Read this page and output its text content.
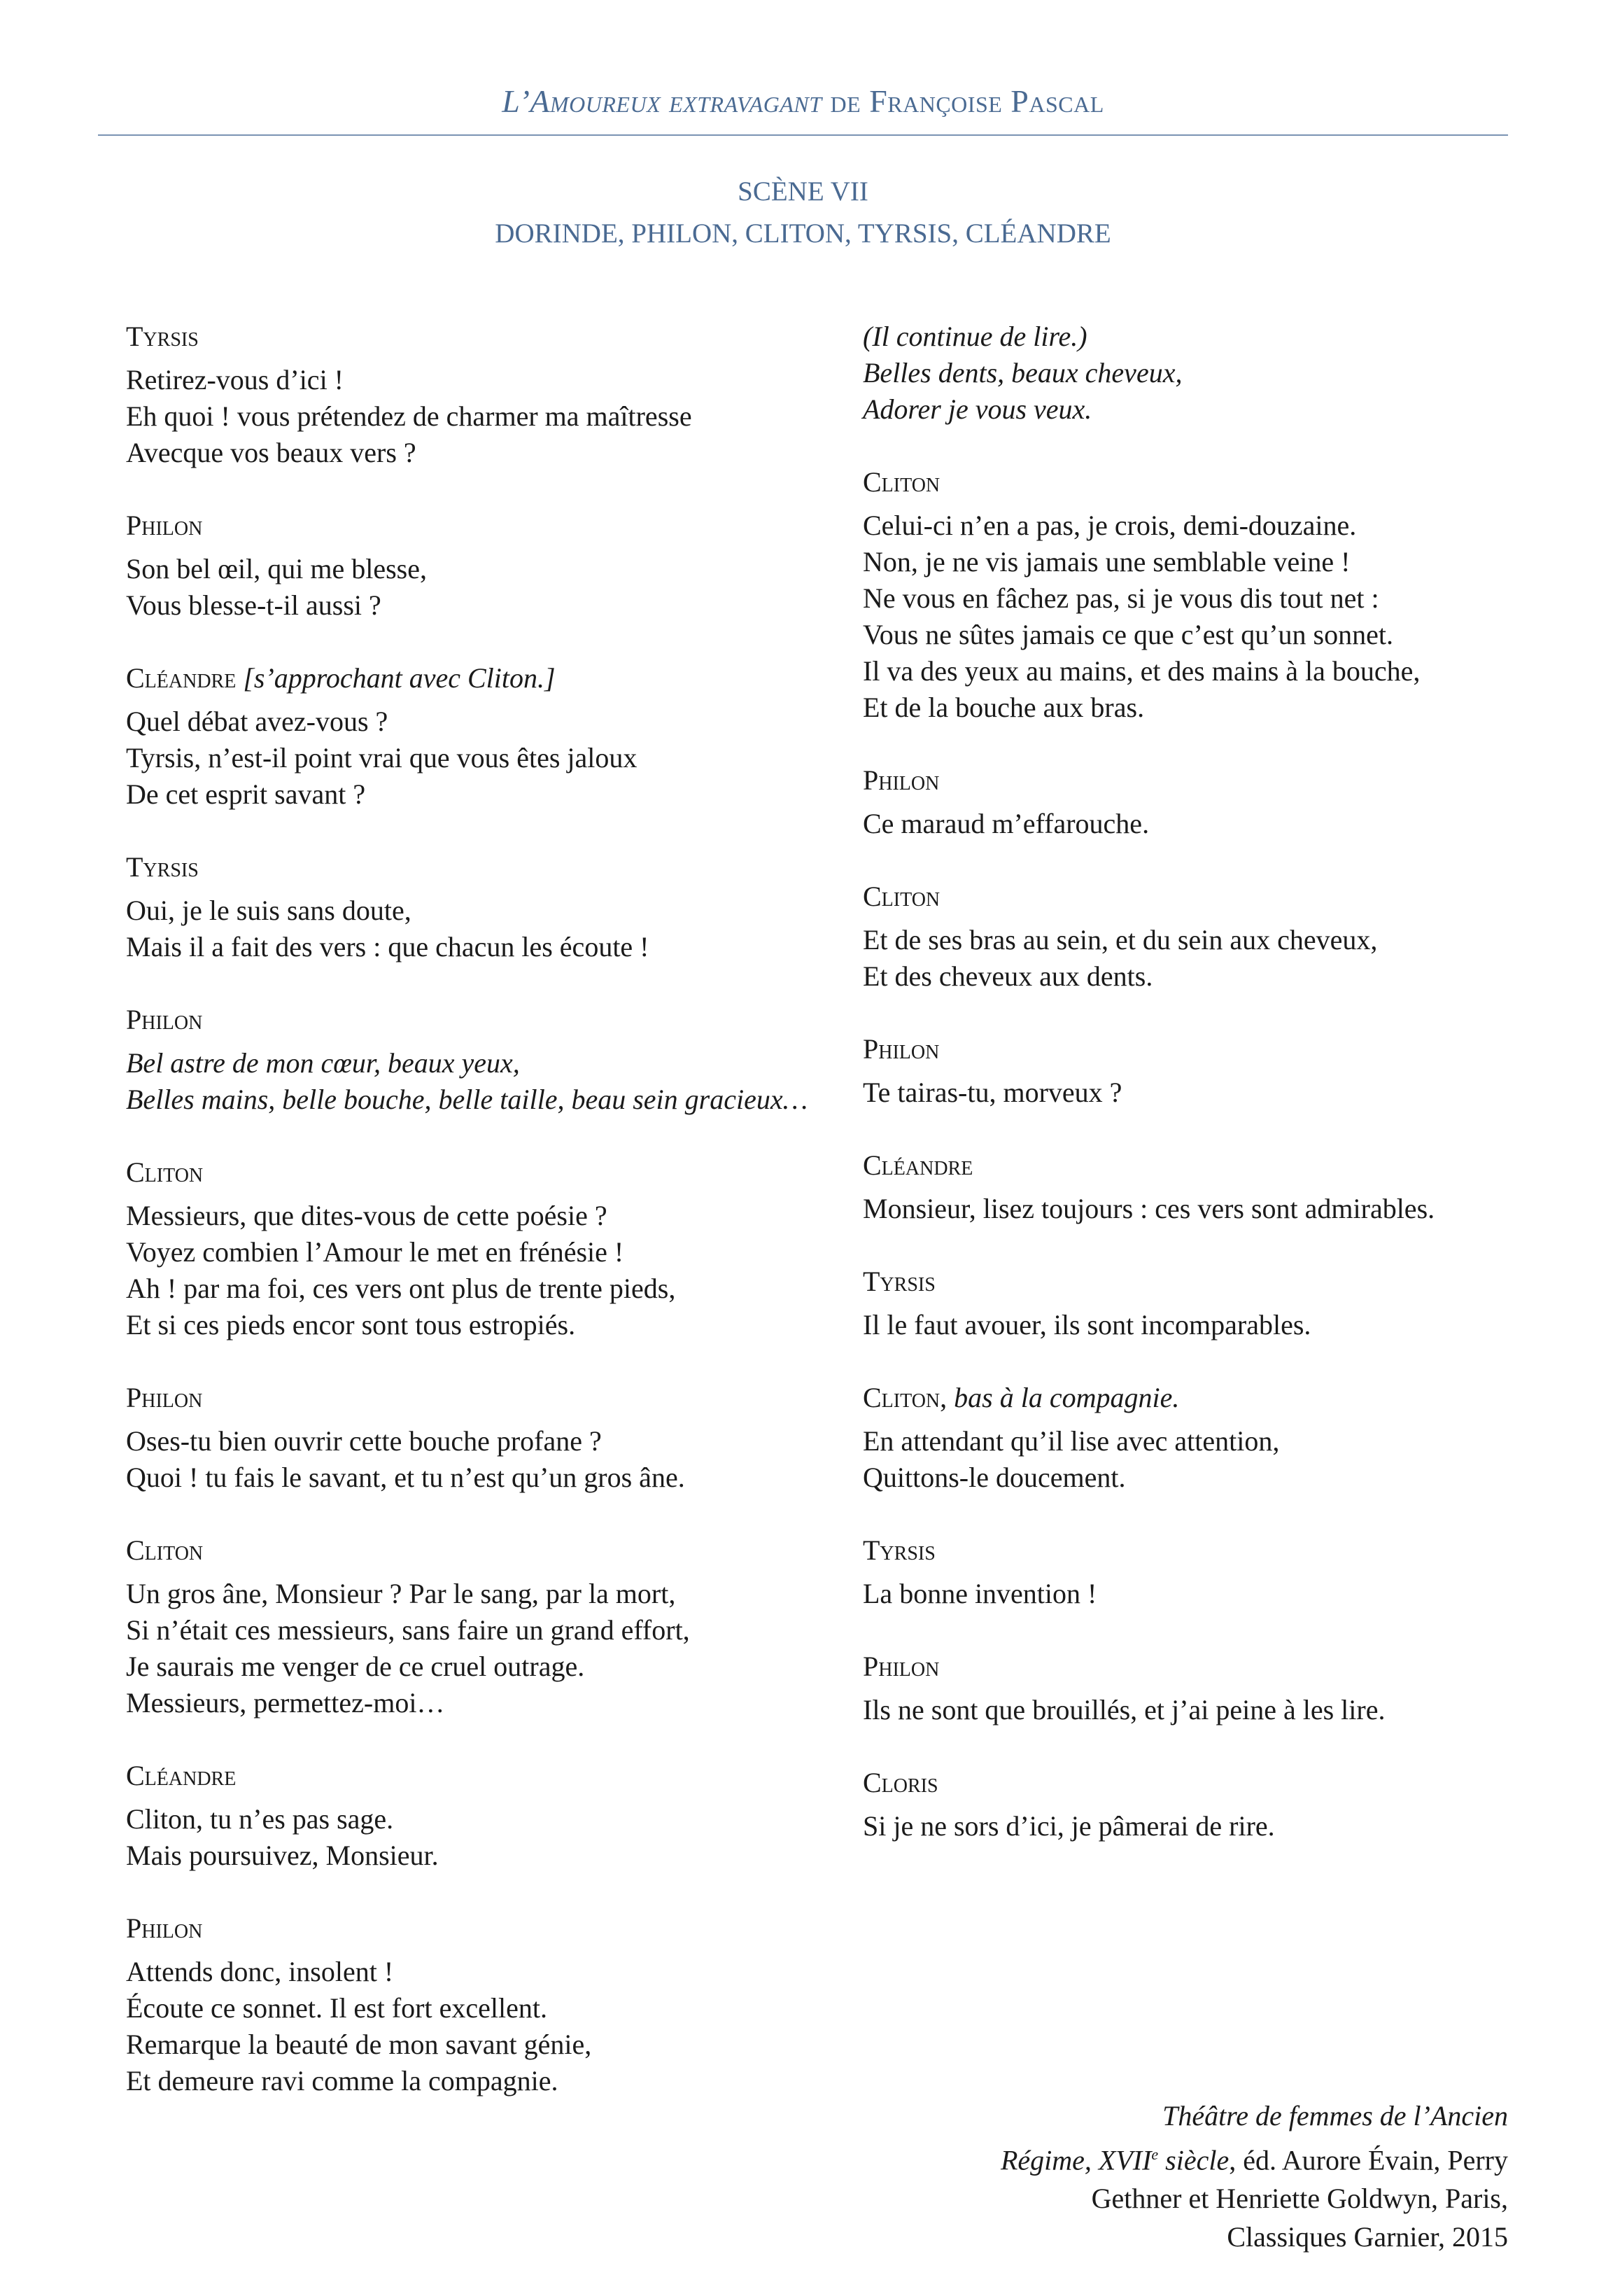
L’Amoureux extravagant de Françoise Pascal
SCÈNE VII
DORINDE, PHILON, CLITON, TYRSIS, CLÉANDRE
Tyrsis
Retirez-vous d’ici !
Eh quoi ! vous prétendez de charmer ma maîtresse
Avecque vos beaux vers ?
Philon
Son bel œil, qui me blesse,
Vous blesse-t-il aussi ?
Cléandre [s’approchant avec Cliton.]
Quel débat avez-vous ?
Tyrsis, n’est-il point vrai que vous êtes jaloux
De cet esprit savant ?
Tyrsis
Oui, je le suis sans doute,
Mais il a fait des vers : que chacun les écoute !
Philon
Bel astre de mon cœur, beaux yeux,
Belles mains, belle bouche, belle taille, beau sein gracieux…
Cliton
Messieurs, que dites-vous de cette poésie ?
Voyez combien l’Amour le met en frénésie !
Ah ! par ma foi, ces vers ont plus de trente pieds,
Et si ces pieds encor sont tous estropiés.
Philon
Oses-tu bien ouvrir cette bouche profane ?
Quoi ! tu fais le savant, et tu n’est qu’un gros âne.
Cliton
Un gros âne, Monsieur ? Par le sang, par la mort,
Si n’était ces messieurs, sans faire un grand effort,
Je saurais me venger de ce cruel outrage.
Messieurs, permettez-moi…
Cléandre
Cliton, tu n’es pas sage.
Mais poursuivez, Monsieur.
Philon
Attends donc, insolent !
Écoute ce sonnet. Il est fort excellent.
Remarque la beauté de mon savant génie,
Et demeure ravi comme la compagnie.
(Il continue de lire.)
Belles dents, beaux cheveux,
Adorer je vous veux.
Cliton
Celui-ci n’en a pas, je crois, demi-douzaine.
Non, je ne vis jamais une semblable veine !
Ne vous en fâchez pas, si je vous dis tout net :
Vous ne sûtes jamais ce que c’est qu’un sonnet.
Il va des yeux au mains, et des mains à la bouche,
Et de la bouche aux bras.
Philon
Ce maraud m’effarouche.
Cliton
Et de ses bras au sein, et du sein aux cheveux,
Et des cheveux aux dents.
Philon
Te tairas-tu, morveux ?
Cléandre
Monsieur, lisez toujours : ces vers sont admirables.
Tyrsis
Il le faut avouer, ils sont incomparables.
Cliton, bas à la compagnie.
En attendant qu’il lise avec attention,
Quittons-le doucement.
Tyrsis
La bonne invention !
Philon
Ils ne sont que brouillés, et j’ai peine à les lire.
Cloris
Si je ne sors d’ici, je pâmerai de rire.
Théâtre de femmes de l’Ancien
Régime, XVIIe siècle, éd. Aurore Évain, Perry
Gethner et Henriette Goldwyn, Paris,
Classiques Garnier, 2015
